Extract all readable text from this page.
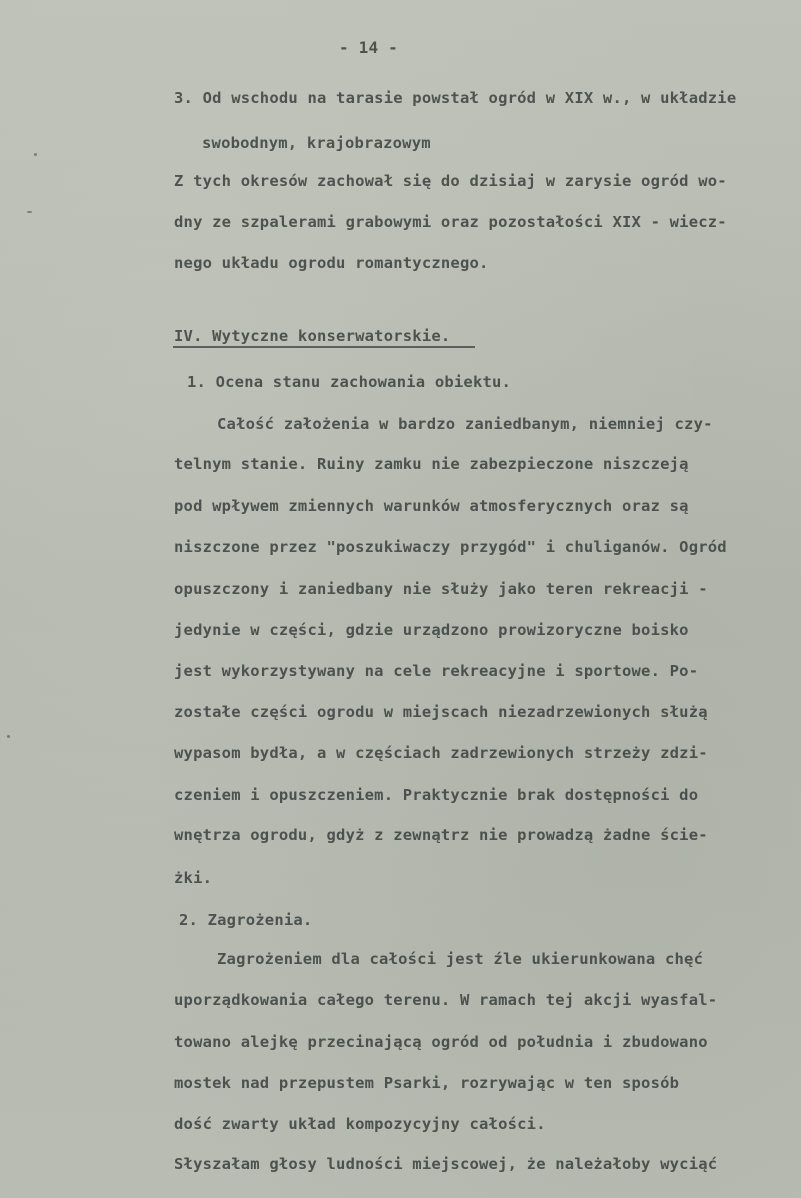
- 14 -
3. Od wschodu na tarasie powstał ogród w XIX w., w układzie
swobodnym, krajobrazowym
Z tych okresów zachował się do dzisiaj w zarysie ogród wo-
dny ze szpalerami grabowymi oraz pozostałości XIX - wiecz-
nego układu ogrodu romantycznego.
IV. Wytyczne konserwatorskie.
1. Ocena stanu zachowania obiektu.
Całość założenia w bardzo zaniedbanym, niemniej czy-
telnym stanie. Ruiny zamku nie zabezpieczone niszczeją
pod wpływem zmiennych warunków atmosferycznych oraz są
niszczone przez "poszukiwaczy przygód" i chuliganów. Ogród
opuszczony i zaniedbany nie służy jako teren rekreacji -
jedynie w części, gdzie urządzono prowizoryczne boisko
jest wykorzystywany na cele rekreacyjne i sportowe. Po-
zostałe części ogrodu w miejscach niezadrzewionych służą
wypasom bydła, a w częściach zadrzewionych strzeży zdzi-
czeniem i opuszczeniem. Praktycznie brak dostępności do
wnętrza ogrodu, gdyż z zewnątrz nie prowadzą żadne ście-
żki.
2. Zagrożenia.
Zagrożeniem dla całości jest źle ukierunkowana chęć
uporządkowania całego terenu. W ramach tej akcji wyasfal-
towano alejkę przecinającą ogród od południa i zbudowano
mostek nad przepustem Psarki, rozrywając w ten sposób
dość zwarty układ kompozycyjny całości.
Słyszałam głosy ludności miejscowej, że należałoby wyciąć
